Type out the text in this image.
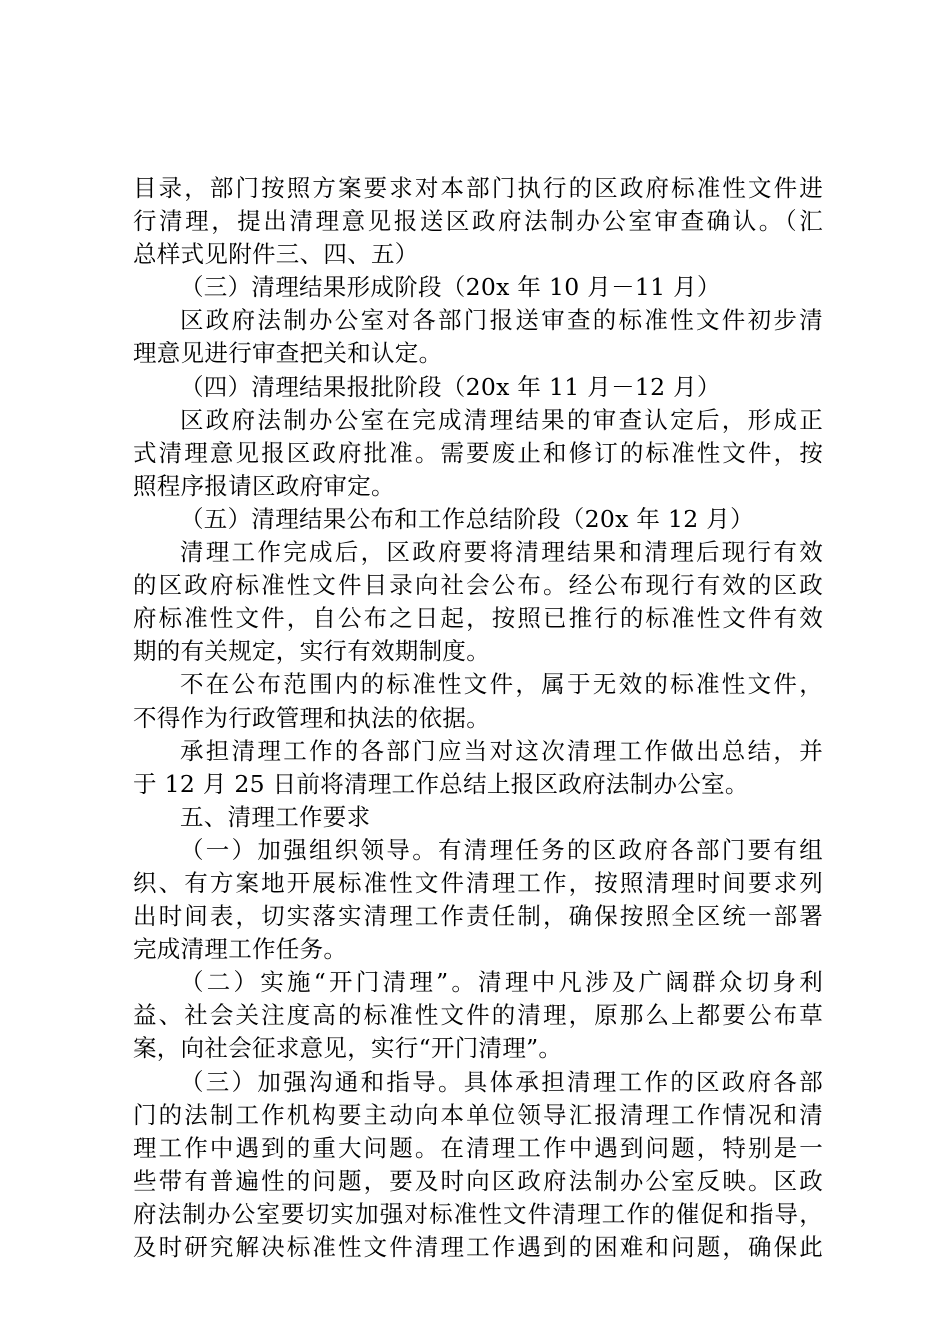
目录，部门按照方案要求对本部门执行的区政府标准性文件进
行清理，提出清理意见报送区政府法制办公室审查确认。（汇
总样式见附件三、四、五）
（三）清理结果形成阶段（20x 年 10 月－11 月）
区政府法制办公室对各部门报送审查的标准性文件初步清
理意见进行审查把关和认定。
（四）清理结果报批阶段（20x 年 11 月－12 月）
区政府法制办公室在完成清理结果的审查认定后，形成正
式清理意见报区政府批准。需要废止和修订的标准性文件，按
照程序报请区政府审定。
（五）清理结果公布和工作总结阶段（20x 年 12 月）
清理工作完成后，区政府要将清理结果和清理后现行有效
的区政府标准性文件目录向社会公布。经公布现行有效的区政
府标准性文件，自公布之日起，按照已推行的标准性文件有效
期的有关规定，实行有效期制度。
不在公布范围内的标准性文件，属于无效的标准性文件，
不得作为行政管理和执法的依据。
承担清理工作的各部门应当对这次清理工作做出总结，并
于 12 月 25 日前将清理工作总结上报区政府法制办公室。
五、清理工作要求
（一）加强组织领导。有清理任务的区政府各部门要有组
织、有方案地开展标准性文件清理工作，按照清理时间要求列
出时间表，切实落实清理工作责任制，确保按照全区统一部署
完成清理工作任务。
（二）实施“开门清理”。清理中凡涉及广阔群众切身利
益、社会关注度高的标准性文件的清理，原那么上都要公布草
案，向社会征求意见，实行“开门清理”。
（三）加强沟通和指导。具体承担清理工作的区政府各部
门的法制工作机构要主动向本单位领导汇报清理工作情况和清
理工作中遇到的重大问题。在清理工作中遇到问题，特别是一
些带有普遍性的问题，要及时向区政府法制办公室反映。区政
府法制办公室要切实加强对标准性文件清理工作的催促和指导，
及时研究解决标准性文件清理工作遇到的困难和问题，确保此
